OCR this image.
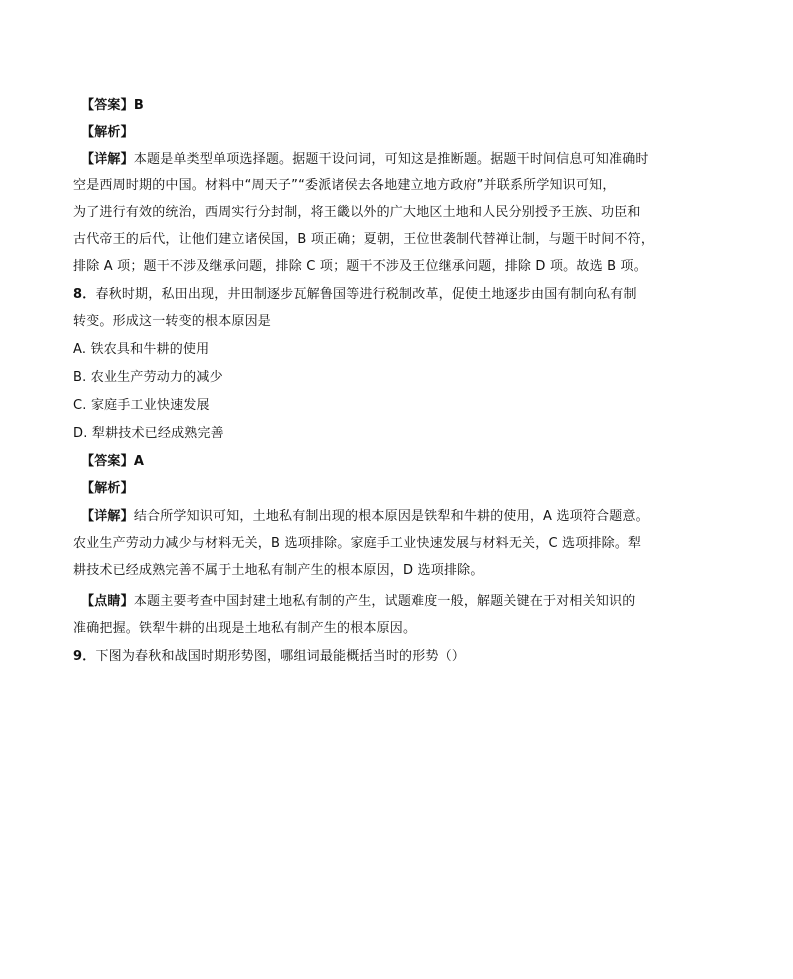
【答案】B
【解析】
【详解】本题是单类型单项选择题。据题干设问词，可知这是推断题。据题干时间信息可知准确时
空是西周时期的中国。材料中“周天子”“委派诸侯去各地建立地方政府”并联系所学知识可知，
为了进行有效的统治，西周实行分封制，将王畿以外的广大地区土地和人民分别授予王族、功臣和
古代帝王的后代，让他们建立诸侯国，B 项正确；夏朝，王位世袭制代替禅让制，与题干时间不符，
排除 A 项；题干不涉及继承问题，排除 C 项；题干不涉及王位继承问题，排除 D 项。故选 B 项。
8．春秋时期，私田出现，井田制逐步瓦解鲁国等进行税制改革，促使土地逐步由国有制向私有制
转变。形成这一转变的根本原因是
A. 铁农具和牛耕的使用
B. 农业生产劳动力的减少
C. 家庭手工业快速发展
D. 犁耕技术已经成熟完善
【答案】A
【解析】
【详解】结合所学知识可知，土地私有制出现的根本原因是铁犁和牛耕的使用，A 选项符合题意。
农业生产劳动力减少与材料无关，B 选项排除。家庭手工业快速发展与材料无关，C 选项排除。犁
耕技术已经成熟完善不属于土地私有制产生的根本原因，D 选项排除。
【点睛】本题主要考查中国封建土地私有制的产生，试题难度一般，解题关键在于对相关知识的
准确把握。铁犁牛耕的出现是土地私有制产生的根本原因。
9．下图为春秋和战国时期形势图，哪组词最能概括当时的形势（）
